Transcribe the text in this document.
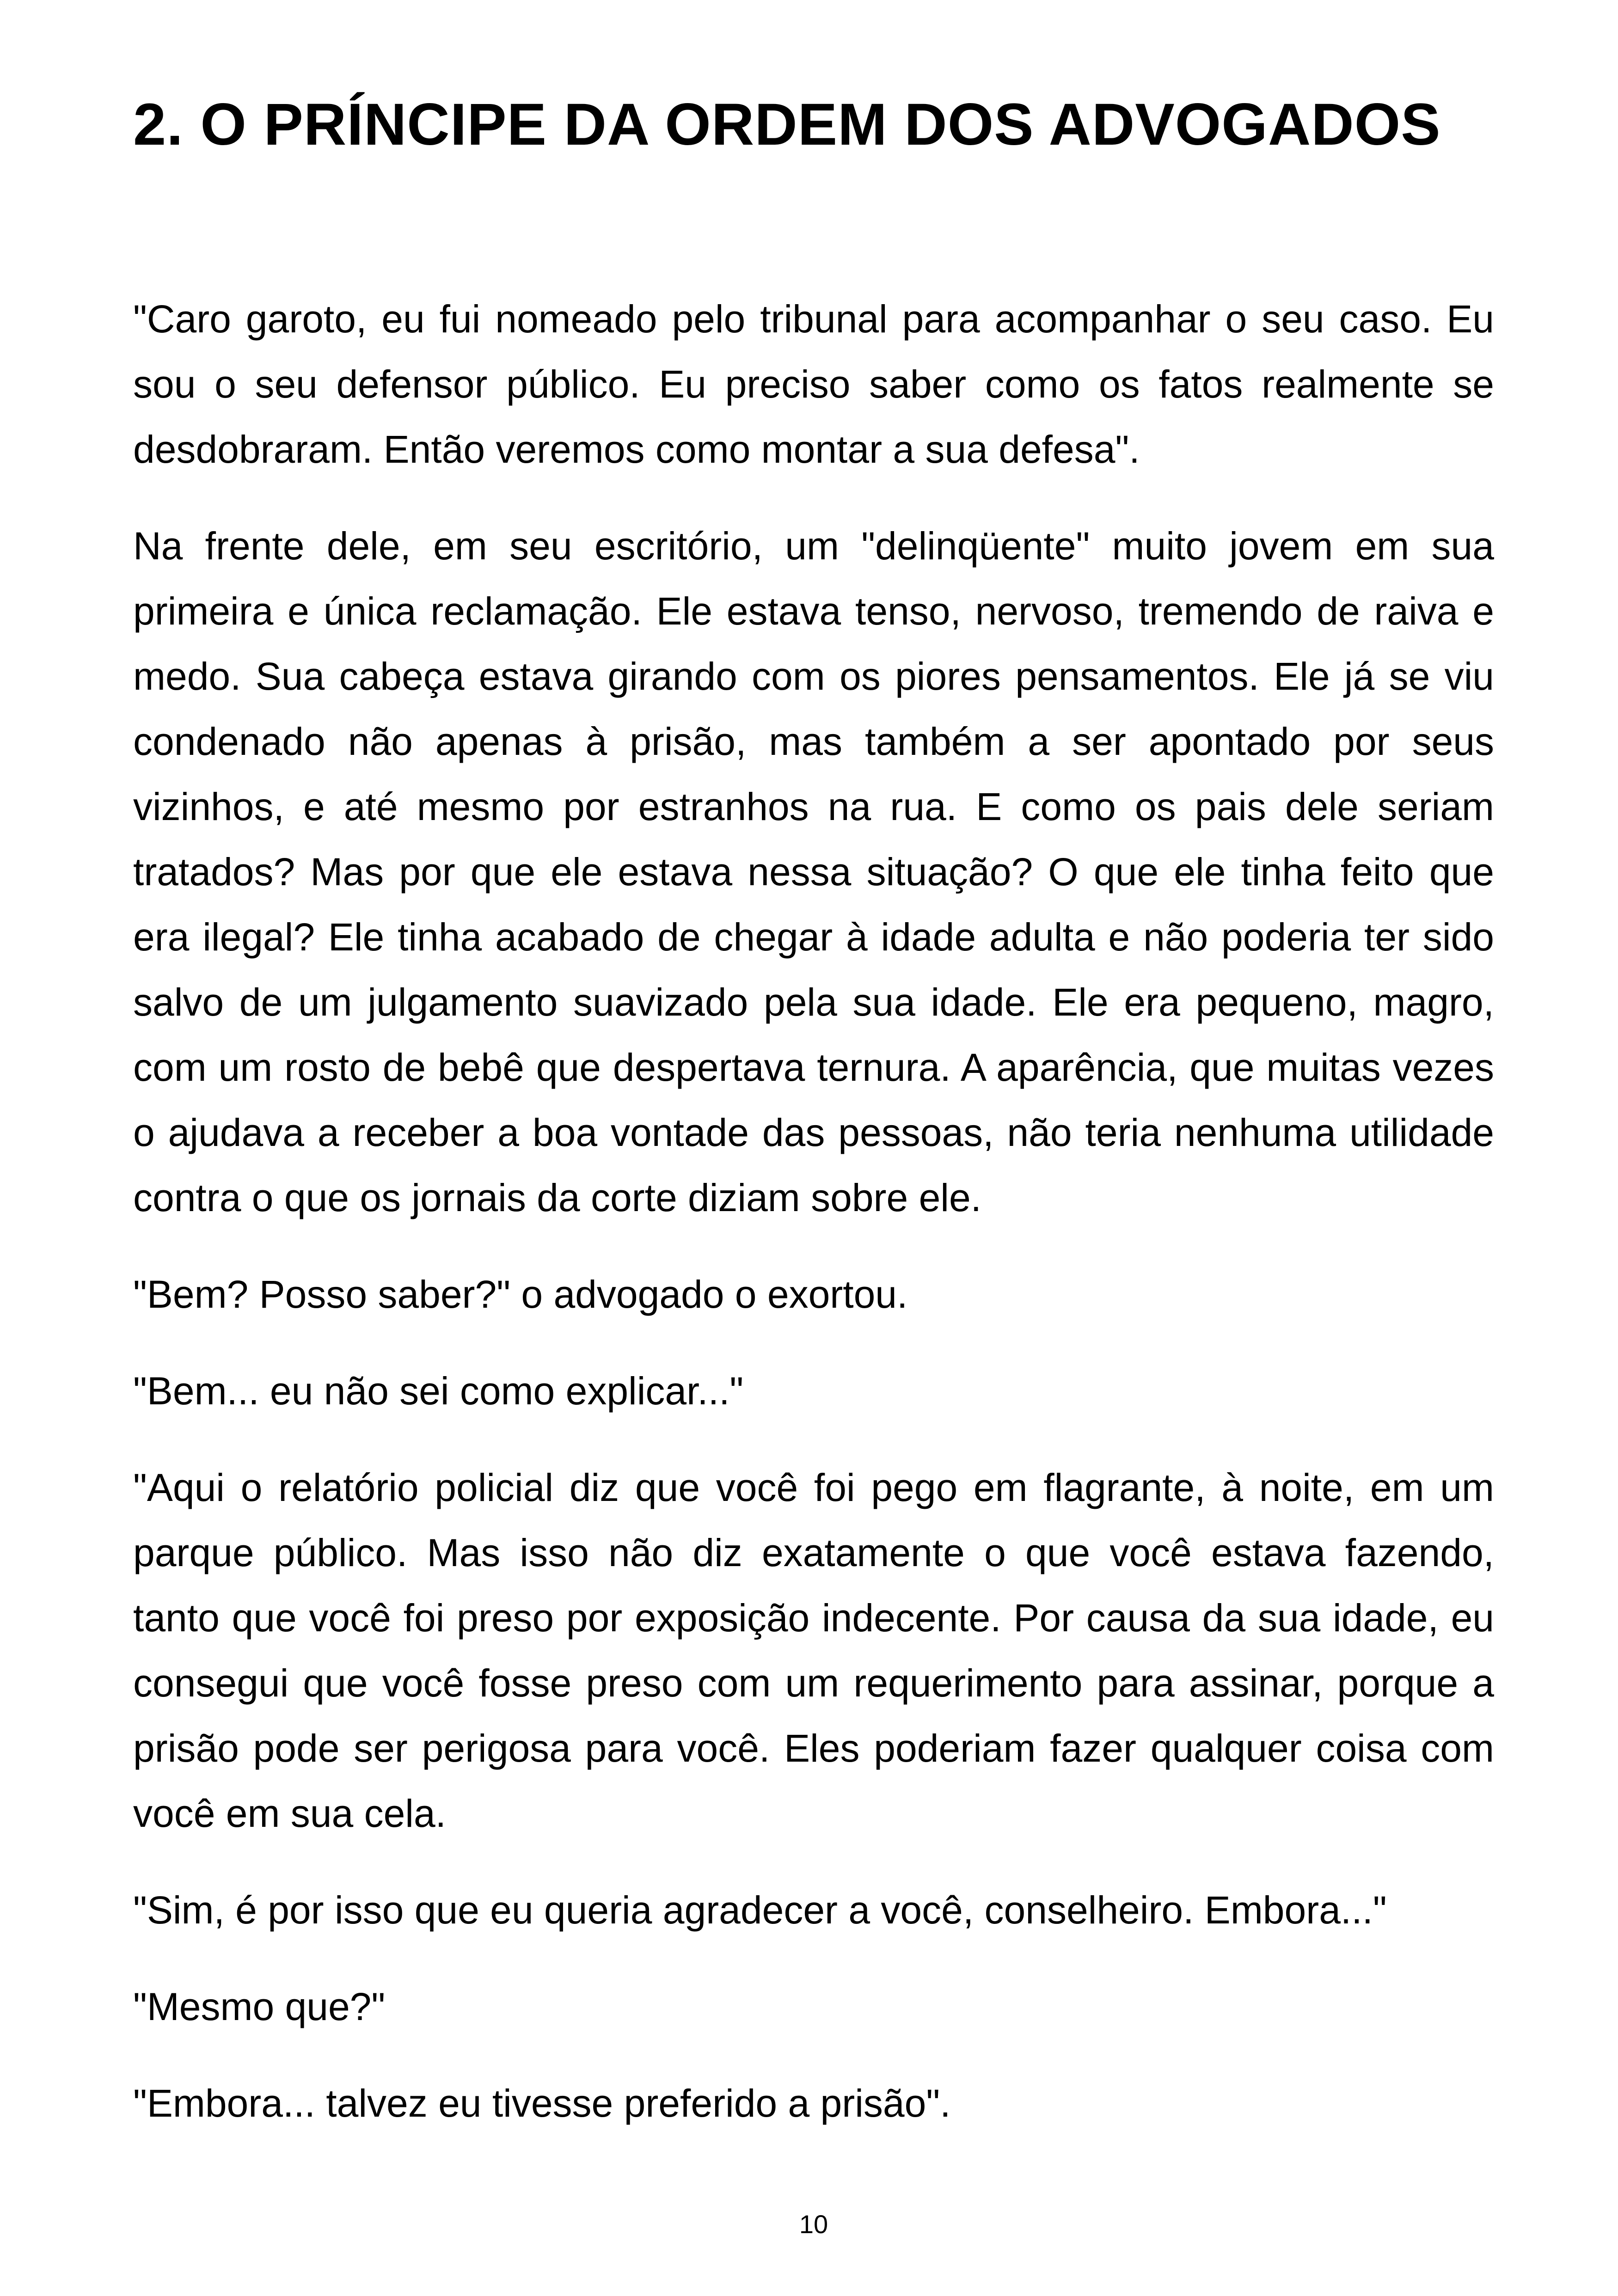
2. O PRÍNCIPE DA ORDEM DOS ADVOGADOS

"Caro garoto, eu fui nomeado pelo tribunal para acompanhar o seu caso. Eu sou o seu defensor público. Eu preciso saber como os fatos realmente se desdobraram. Então veremos como montar a sua defesa".

Na frente dele, em seu escritório, um "delinqüente" muito jovem em sua primeira e única reclamação. Ele estava tenso, nervoso, tremendo de raiva e medo. Sua cabeça estava girando com os piores pensamentos. Ele já se viu condenado não apenas à prisão, mas também a ser apontado por seus vizinhos, e até mesmo por estranhos na rua. E como os pais dele seriam tratados? Mas por que ele estava nessa situação? O que ele tinha feito que era ilegal? Ele tinha acabado de chegar à idade adulta e não poderia ter sido salvo de um julgamento suavizado pela sua idade. Ele era pequeno, magro, com um rosto de bebê que despertava ternura. A aparência, que muitas vezes o ajudava a receber a boa vontade das pessoas, não teria nenhuma utilidade contra o que os jornais da corte diziam sobre ele.

"Bem? Posso saber?" o advogado o exortou.

"Bem... eu não sei como explicar..."

"Aqui o relatório policial diz que você foi pego em flagrante, à noite, em um parque público. Mas isso não diz exatamente o que você estava fazendo, tanto que você foi preso por exposição indecente. Por causa da sua idade, eu consegui que você fosse preso com um requerimento para assinar, porque a prisão pode ser perigosa para você. Eles poderiam fazer qualquer coisa com você em sua cela.

"Sim, é por isso que eu queria agradecer a você, conselheiro. Embora..."

"Mesmo que?"

"Embora... talvez eu tivesse preferido a prisão".

10
